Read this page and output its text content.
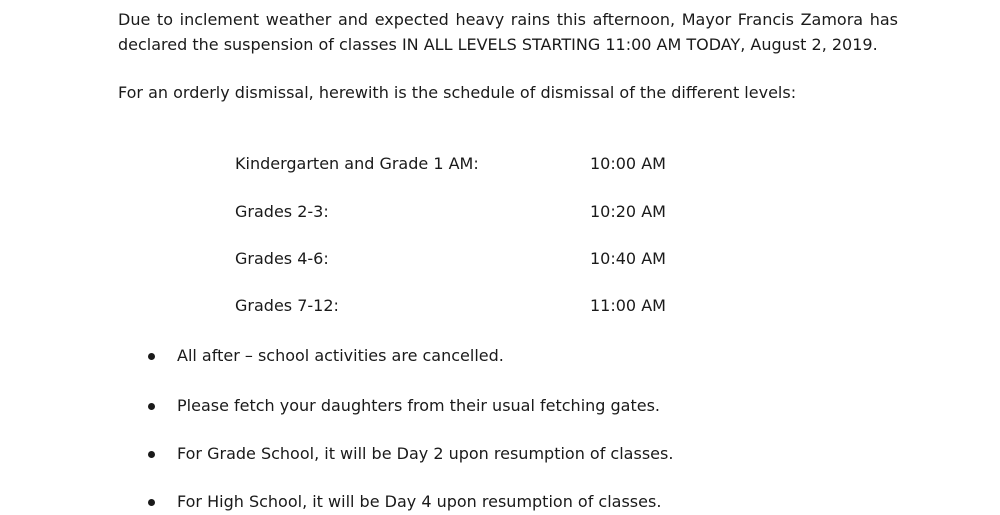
Due to inclement weather and expected heavy rains this afternoon, Mayor Francis Zamora has declared the suspension of classes IN ALL LEVELS STARTING 11:00 AM TODAY, August 2, 2019.

For an orderly dismissal, herewith is the schedule of dismissal of the different levels:

Kindergarten and Grade 1 AM:	10:00 AM
Grades 2-3:	10:20 AM
Grades 4-6:	10:40 AM
Grades 7-12:	11:00 AM
All after – school activities are cancelled.
Please fetch your daughters from their usual fetching gates.
For Grade School, it will be Day 2 upon resumption of classes.
For High School, it will be Day 4 upon resumption of classes.
